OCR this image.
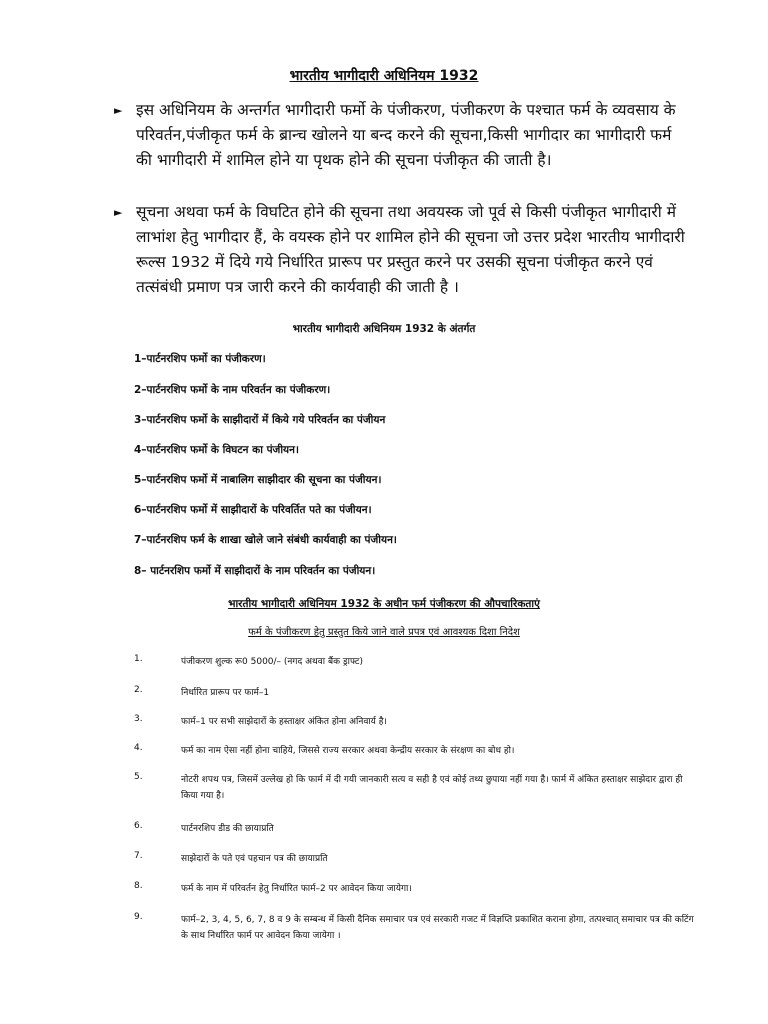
भारतीय भागीदारी अधिनियम 1932
► इस अधिनियम के अन्तर्गत भागीदारी फर्मो के पंजीकरण, पंजीकरण के पश्चात फर्म के व्यवसाय के परिवर्तन,पंजीकृत फर्म के ब्रान्च खोलने या बन्द करने की सूचना,किसी भागीदार का भागीदारी फर्म की भागीदारी में शामिल होने या पृथक होने की सूचना पंजीकृत की जाती है।
► सूचना अथवा फर्म के विघटित होने की सूचना तथा अवयस्क जो पूर्व से किसी पंजीकृत भागीदारी में लाभांश हेतु भागीदार हैं, के वयस्क होने पर शामिल होने की सूचना जो उत्तर प्रदेश भारतीय भागीदारी रूल्स 1932 में दिये गये निर्धारित प्रारूप पर प्रस्तुत करने पर उसकी सूचना पंजीकृत करने एवं तत्संबंधी प्रमाण पत्र जारी करने की कार्यवाही की जाती है ।
भारतीय भागीदारी अधिनियम 1932 के अंतर्गत
1–पार्टनरशिप फर्मो का पंजीकरण।
2–पार्टनरशिप फर्मो के नाम परिवर्तन का पंजीकरण।
3–पार्टनरशिप फर्मो के साझीदारों में किये गये परिवर्तन का पंजीयन
4–पार्टनरशिप फर्मो के विघटन का पंजीयन।
5–पार्टनरशिप फर्मो में नाबालिग साझीदार की सूचना का पंजीयन।
6–पार्टनरशिप फर्मो में साझीदारों के परिवर्तित पते का पंजीयन।
7–पार्टनरशिप फर्म के शाखा खोले जाने संबंधी कार्यवाही का पंजीयन।
8– पार्टनरशिप फर्मो में साझीदारों के नाम परिवर्तन का पंजीयन।
भारतीय भागीदारी अधिनियम 1932 के अधीन फर्म पंजीकरण की औपचारिकताएं
फर्म के पंजीकरण हेतु प्रस्तुत किये जाने वाले प्रपत्र एवं आवश्यक दिशा निदेश
1.	पंजीकरण शुल्क रू0 5000/– (नगद अथवा बैंक ड्राफ्ट)
2.	निर्धारित प्रारूप पर फार्म–1
3.	फार्म–1 पर सभी साझेदारों के हस्ताक्षर अंकित होना अनिवार्य है।
4.	फर्म का नाम ऐसा नहीं होना चाहिये, जिससे राज्य सरकार अथवा केन्द्रीय सरकार के संरक्षण का बोध हो।
5.	नोटरी शपथ पत्र, जिसमें उल्लेख हो कि फार्म में दी गयी जानकारी सत्य व सही है एवं कोई तथ्य छुपाया नहीं गया है। फार्म में अंकित हस्ताक्षर साझेदार द्वारा ही किया गया है।
6.	पार्टनरशिप डीड की छायाप्रति
7.	साझेदारों के पते एवं पहचान पत्र की छायाप्रति
8.	फर्म के नाम में परिवर्तन हेतु निर्धारित फार्म–2 पर आवेदन किया जायेगा।
9.	फार्म–2, 3, 4, 5, 6, 7, 8 व 9 के सम्बन्ध में किसी दैनिक समाचार पत्र एवं सरकारी गजट में विज्ञप्ति प्रकाशित कराना होगा, तत्पश्चात् समाचार पत्र की कटिंग के साथ निर्धारित फार्म पर आवेदन किया जायेगा ।
